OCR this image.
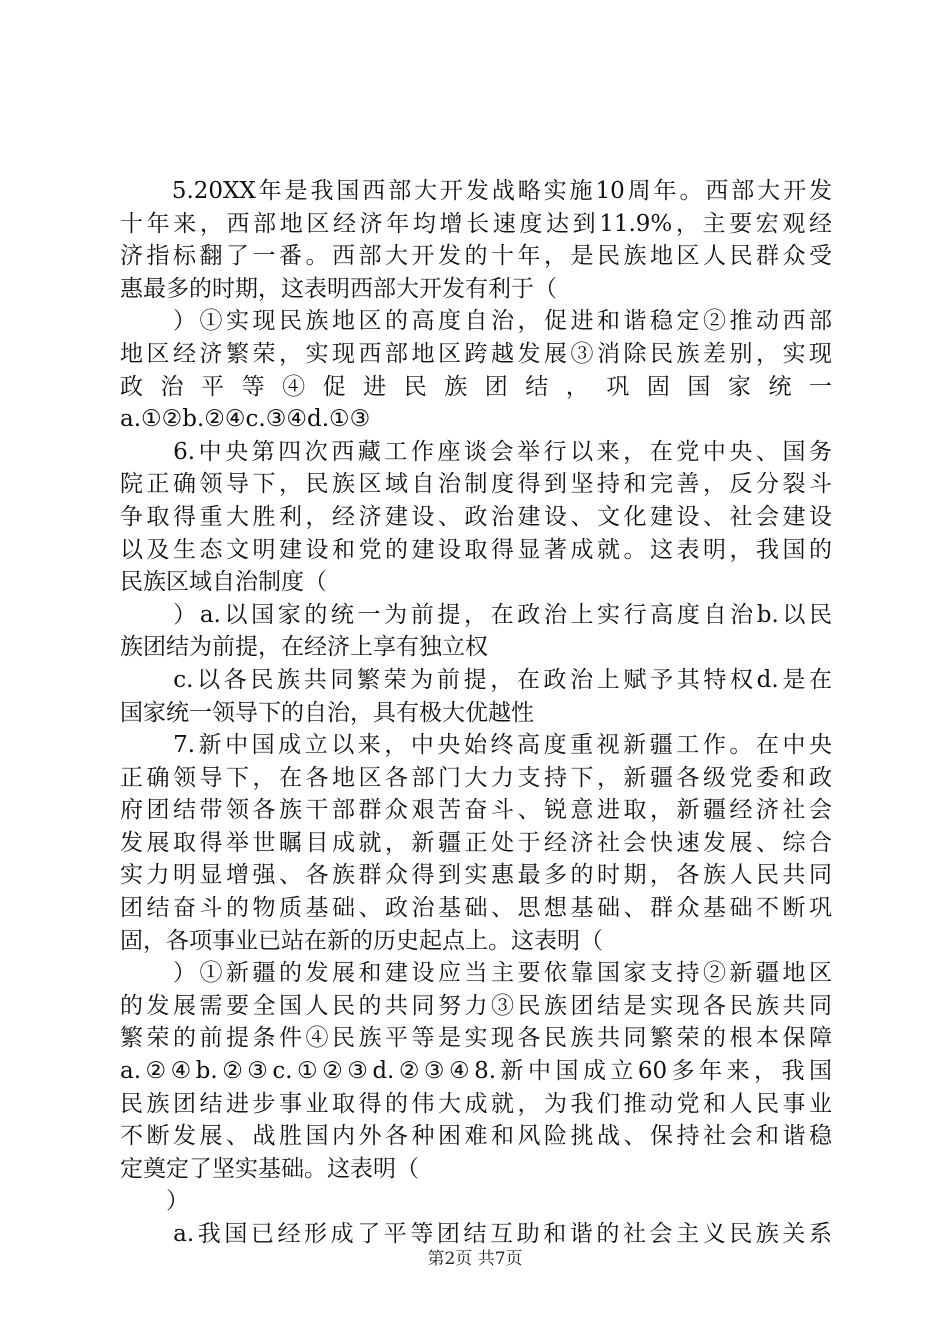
　　5.20XX年是我国西部大开发战略实施10周年。西部大开发
十年来，西部地区经济年均增长速度达到11.9%，主要宏观经
济指标翻了一番。西部大开发的十年，是民族地区人民群众受
惠最多的时期，这表明西部大开发有利于（
　　）①实现民族地区的高度自治，促进和谐稳定②推动西部
地区经济繁荣，实现西部地区跨越发展③消除民族差别，实现
政 治 平 等 ④ 促 进 民 族 团 结 ， 巩 固 国 家 统 一
a.①②b.②④c.③④d.①③
　　6.中央第四次西藏工作座谈会举行以来，在党中央、国务
院正确领导下，民族区域自治制度得到坚持和完善，反分裂斗
争取得重大胜利，经济建设、政治建设、文化建设、社会建设
以及生态文明建设和党的建设取得显著成就。这表明，我国的
民族区域自治制度（
　　）a.以国家的统一为前提，在政治上实行高度自治b.以民
族团结为前提，在经济上享有独立权
　　c.以各民族共同繁荣为前提，在政治上赋予其特权d.是在
国家统一领导下的自治，具有极大优越性
　　7.新中国成立以来，中央始终高度重视新疆工作。在中央
正确领导下，在各地区各部门大力支持下，新疆各级党委和政
府团结带领各族干部群众艰苦奋斗、锐意进取，新疆经济社会
发展取得举世瞩目成就，新疆正处于经济社会快速发展、综合
实力明显增强、各族群众得到实惠最多的时期，各族人民共同
团结奋斗的物质基础、政治基础、思想基础、群众基础不断巩
固，各项事业已站在新的历史起点上。这表明（
　　）①新疆的发展和建设应当主要依靠国家支持②新疆地区
的发展需要全国人民的共同努力③民族团结是实现各民族共同
繁荣的前提条件④民族平等是实现各民族共同繁荣的根本保障
a.②④b.②③c.①②③d.②③④8.新中国成立60多年来，我国
民族团结进步事业取得的伟大成就，为我们推动党和人民事业
不断发展、战胜国内外各种困难和风险挑战、保持社会和谐稳
定奠定了坚实基础。这表明（
　　）
　　a.我国已经形成了平等团结互助和谐的社会主义民族关系
第2页 共7页
